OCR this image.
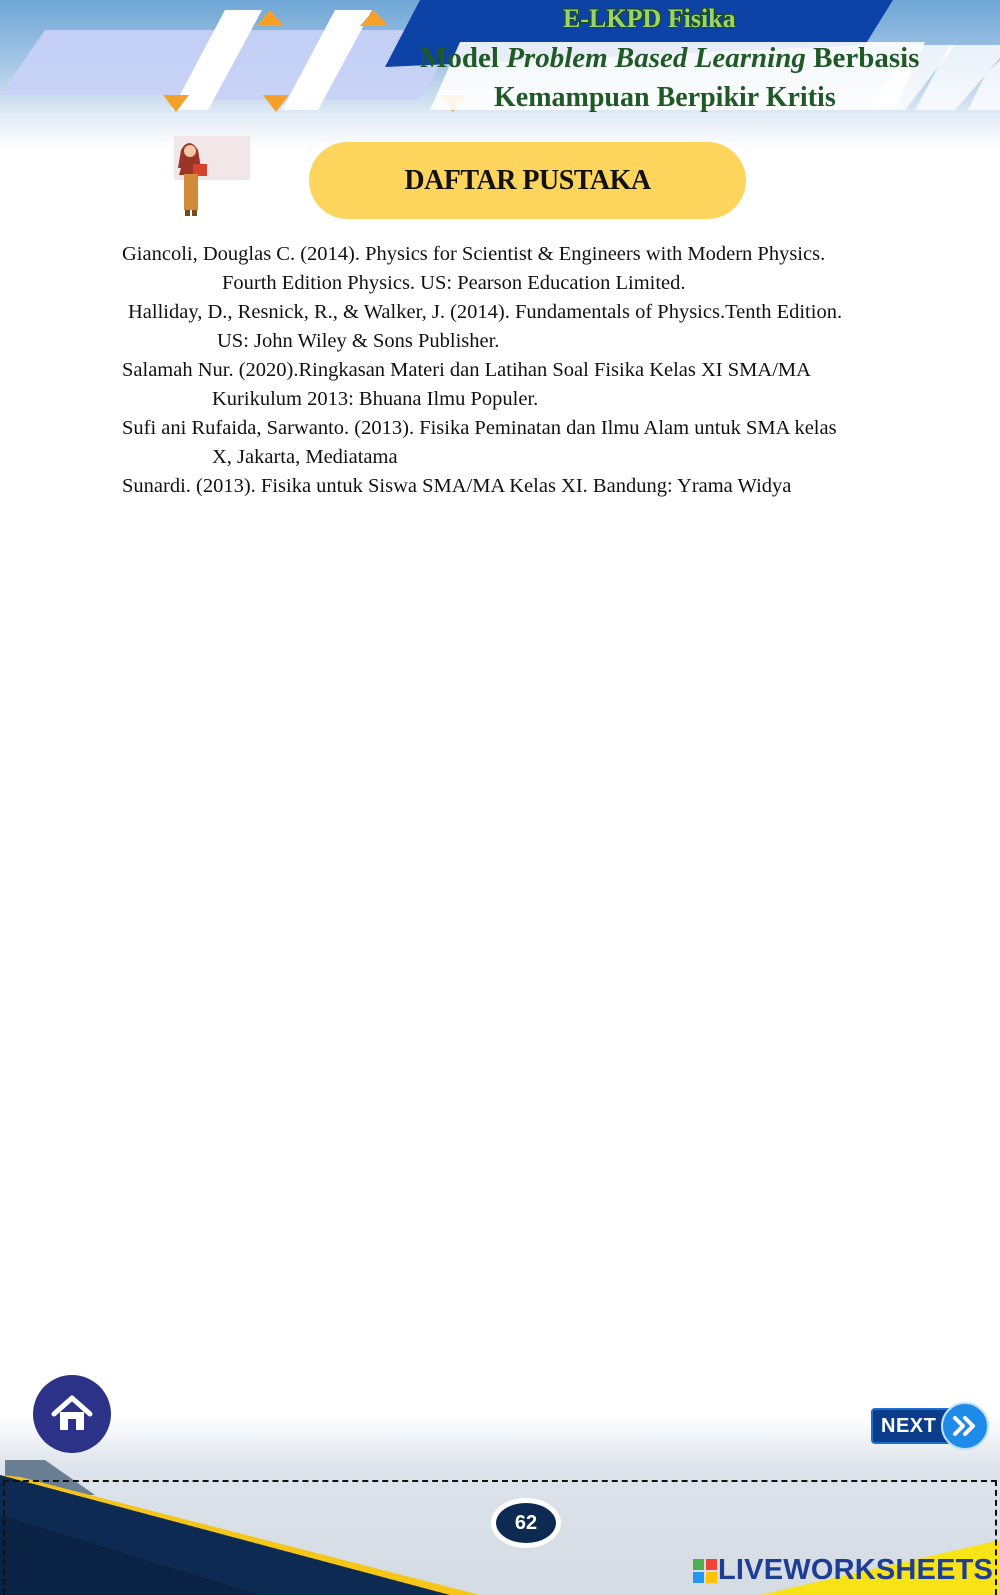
E-LKPD Fisika

Model Problem Based Learning Berbasis

Kemampuan Berpikir Kritis

DAFTAR PUSTAKA

Giancoli, Douglas C. (2014). Physics for Scientist & Engineers with Modern Physics.

Fourth Edition Physics. US: Pearson Education Limited.

Halliday, D., Resnick, R., & Walker, J. (2014). Fundamentals of Physics.Tenth Edition.

US: John Wiley & Sons Publisher.

Salamah Nur. (2020).Ringkasan Materi dan Latihan Soal Fisika Kelas XI SMA/MA

Kurikulum 2013: Bhuana Ilmu Populer.

Sufi ani Rufaida, Sarwanto. (2013). Fisika Peminatan dan Ilmu Alam untuk SMA kelas

X, Jakarta, Mediatama

Sunardi. (2013). Fisika untuk Siswa SMA/MA Kelas XI. Bandung: Yrama Widya

NEXT
62
LIVEWORKSHEETS
